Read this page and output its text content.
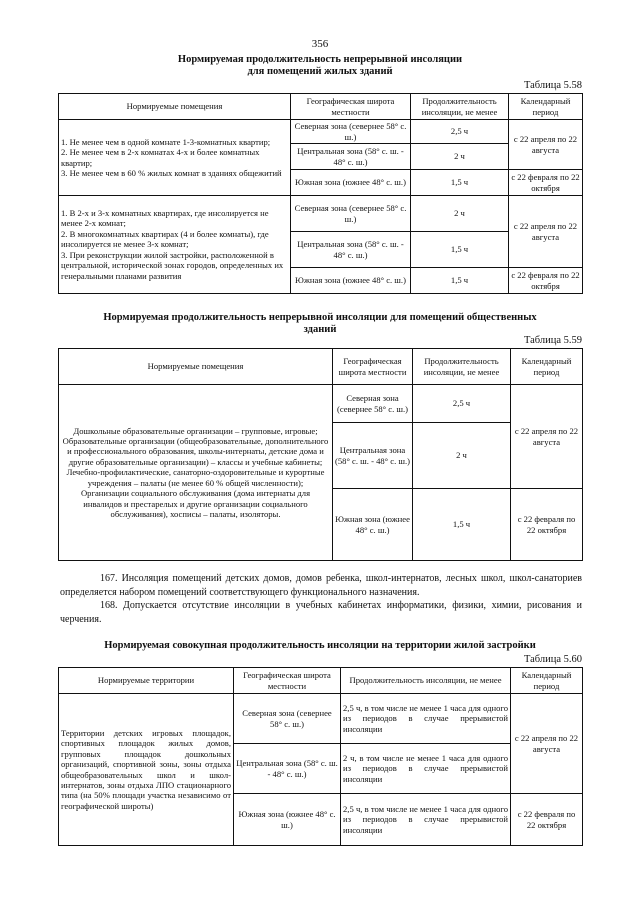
356
Нормируемая продолжительность непрерывной инсоляции
для помещений жилых зданий
Таблица 5.58
Нормируемые помещения	Географическая широта местности	Продолжительность инсоляции, не менее	Календарный период

1. Не менее чем в одной комнате 1-3-комнатных квартир;
2. Не менее чем в 2-х комнатах 4-х и более комнатных квартир;
3. Не менее чем в 60 % жилых комнат в зданиях общежитий	Северная зона (севернее 58° с. ш.)	2,5 ч	с 22 апреля по 22 августа
	Центральная зона (58° с. ш. - 48° с. ш.)	2 ч	
	Южная зона (южнее 48° с. ш.)	1,5 ч	с 22 февраля по 22 октября

1. В 2-х и 3-х комнатных квартирах, где инсолируется не менее 2-х комнат;
2. В многокомнатных квартирах (4 и более комнаты), где инсолируется не менее 3-х комнат;
3. При реконструкции жилой застройки, расположенной в центральной, исторической зонах городов, определенных их генеральными планами развития	Северная зона (севернее 58° с. ш.)	2 ч	с 22 апреля по 22 августа
	Центральная зона (58° с. ш. - 48° с. ш.)	1,5 ч	
	Южная зона (южнее 48° с. ш.)	1,5 ч	с 22 февраля по 22 октября
Нормируемая продолжительность непрерывной инсоляции для помещений общественных
зданий
Таблица 5.59
Нормируемые помещения	Географическая широта местности	Продолжительность инсоляции, не менее	Календарный период

Дошкольные образовательные организации – групповые, игровые;
Образовательные организации (общеобразовательные, дополнительного и профессионального образования, школы-интернаты, детские дома и другие образовательные организации) – классы и учебные кабинеты;
Лечебно-профилактические, санаторно-оздоровительные и курортные учреждения – палаты (не менее 60 % общей численности);
Организации социального обслуживания (дома интернаты для инвалидов и престарелых и другие организации социального обслуживания), хосписы – палаты, изоляторы.	Северная зона (севернее 58° с. ш.)	2,5 ч	с 22 апреля по 22 августа
	Центральная зона (58° с. ш. - 48° с. ш.)	2 ч	
	Южная зона (южнее 48° с. ш.)	1,5 ч	с 22 февраля по 22 октября

167. Инсоляция помещений детских домов, домов ребенка, школ-интернатов, лесных школ, школ-санаториев определяется набором помещений соответствующего функционального назначения.

168. Допускается отсутствие инсоляции в учебных кабинетах информатики, физики, химии, рисования и черчения.

Нормируемая совокупная продолжительность инсоляции на территории жилой застройки
Таблица 5.60
Нормируемые территории	Географическая широта местности	Продолжительность инсоляции, не менее	Календарный период
Территории детских игровых площадок, спортивных площадок жилых домов, групповых площадок дошкольных организаций, спортивной зоны, зоны отдыха общеобразовательных школ и школ-интернатов, зоны отдыха ЛПО стационарного типа (на 50% площади участка независимо от географической широты)	Северная зона (севернее 58° с. ш.)	2,5 ч, в том числе не менее 1 часа для одного из периодов в случае прерывистой инсоляции	с 22 апреля по 22 августа
	Центральная зона (58° с. ш. - 48° с. ш.)	2 ч, в том числе не менее 1 часа для одного из периодов в случае прерывистой инсоляции	
	Южная зона (южнее 48° с. ш.)	2,5 ч, в том числе не менее 1 часа для одного из периодов в случае прерывистой инсоляции	с 22 февраля по 22 октября
